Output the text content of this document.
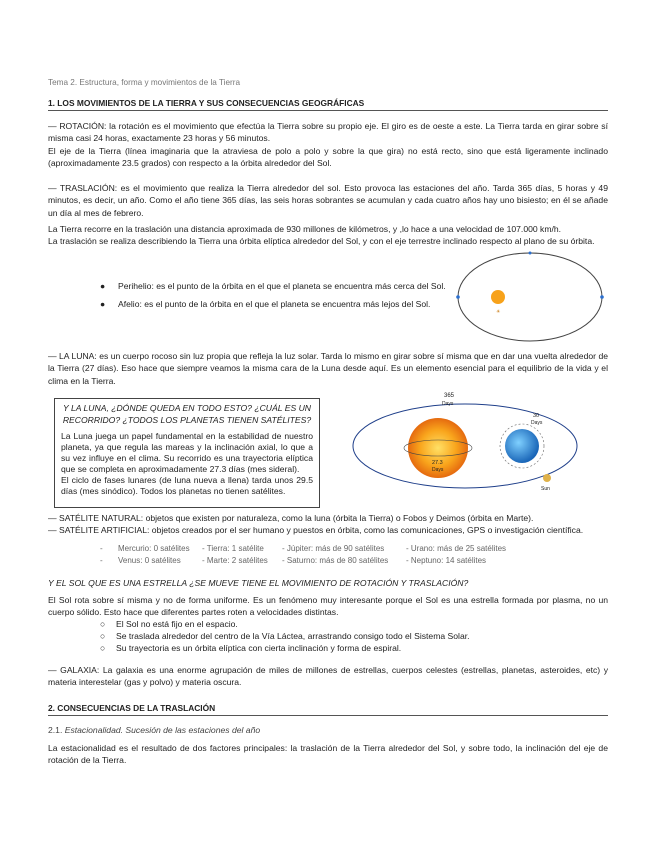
Tema 2. Estructura, forma y movimientos de la Tierra
1. LOS MOVIMIENTOS DE LA TIERRA Y SUS CONSECUENCIAS GEOGRÁFICAS

— ROTACIÓN: la rotación es el movimiento que efectúa la Tierra sobre su propio eje. El giro es de oeste a este. La Tierra tarda en girar sobre sí misma casi 24 horas, exactamente 23 horas y 56 minutos.

El eje de la Tierra (línea imaginaria que la atraviesa de polo a polo y sobre la que gira) no está recto, sino que está ligeramente inclinado (aproximadamente 23.5 grados) con respecto a la órbita alrededor del Sol.

— TRASLACIÓN: es el movimiento que realiza la Tierra alrededor del sol. Esto provoca las estaciones del año. Tarda 365 días, 5 horas y 49 minutos, es decir, un año. Como el año tiene 365 días, las seis horas sobrantes se acumulan y cada cuatro años hay uno bisiesto; en él se añade un día al mes de febrero.

La Tierra recorre en la traslación una distancia aproximada de 930 millones de kilómetros, y ,lo hace a una velocidad de 107.000 km/h.

La traslación se realiza describiendo la Tierra una órbita elíptica alrededor del Sol, y con el eje terrestre inclinado respecto al plano de su órbita.

● Perihelio: es el punto de la órbita en el que el planeta se encuentra más cerca del Sol.
● Afelio: es el punto de la órbita en el que el planeta se encuentra más lejos del Sol.
☀

— LA LUNA: es un cuerpo rocoso sin luz propia que refleja la luz solar. Tarda lo mismo en girar sobre sí misma que en dar una vuelta alrededor de la Tierra (27 días). Eso hace que siempre veamos la misma cara de la Luna desde aquí. Es un elemento esencial para el equilibrio de la vida y el clima en la Tierra.

Y LA LUNA, ¿DÓNDE QUEDA EN TODO ESTO? ¿CUÁL ES UN
RECORRIDO? ¿TODOS LOS PLANETAS TIENEN SATÉLITES?
La Luna juega un papel fundamental en la estabilidad de nuestro planeta, ya que regula las mareas y la inclinación axial, lo que a su vez influye en el clima. Su recorrido es una trayectoria elíptica que se completa en aproximadamente 27.3 días (mes sideral).
El ciclo de fases lunares (de luna nueva a llena) tarda unos 29.5 días (mes sinódico). Todos los planetas no tienen satélites.
365
Days
27.3
Days
30
Days
Sun

— SATÉLITE NATURAL: objetos que existen por naturaleza, como la luna (órbita la Tierra) o Fobos y Deimos (órbita en Marte).

— SATÉLITE ARTIFICIAL: objetos creados por el ser humano y puestos en órbita, como las comunicaciones, GPS o investigación científica.

- Mercurio: 0 satélites - Tierra: 1 satélite - Júpiter: más de 90 satélites	- Urano: más de 25 satélites
- Venus: 0 satélites	- Marte: 2 satélites - Saturno: más de 80 satélites - Neptuno: 14 satélites
Y EL SOL QUE ES UNA ESTRELLA ¿SE MUEVE TIENE EL MOVIMIENTO DE ROTACIÓN Y TRASLACIÓN?

El Sol rota sobre sí misma y no de forma uniforme. Es un fenómeno muy interesante porque el Sol es una estrella formada por plasma, no un cuerpo sólido. Esto hace que diferentes partes roten a velocidades distintas.

○ El Sol no está fijo en el espacio.
○ Se traslada alrededor del centro de la Vía Láctea, arrastrando consigo todo el Sistema Solar.
○ Su trayectoria es un órbita elíptica con cierta inclinación y forma de espiral.

— GALAXIA: La galaxia es una enorme agrupación de miles de millones de estrellas, cuerpos celestes (estrellas, planetas, asteroides, etc) y materia interestelar (gas y polvo) y materia oscura.

2. CONSECUENCIAS DE LA TRASLACIÓN
2.1. Estacionalidad. Sucesión de las estaciones del año

La estacionalidad es el resultado de dos factores principales: la traslación de la Tierra alrededor del Sol, y sobre todo, la inclinación del eje de rotación de la Tierra.
